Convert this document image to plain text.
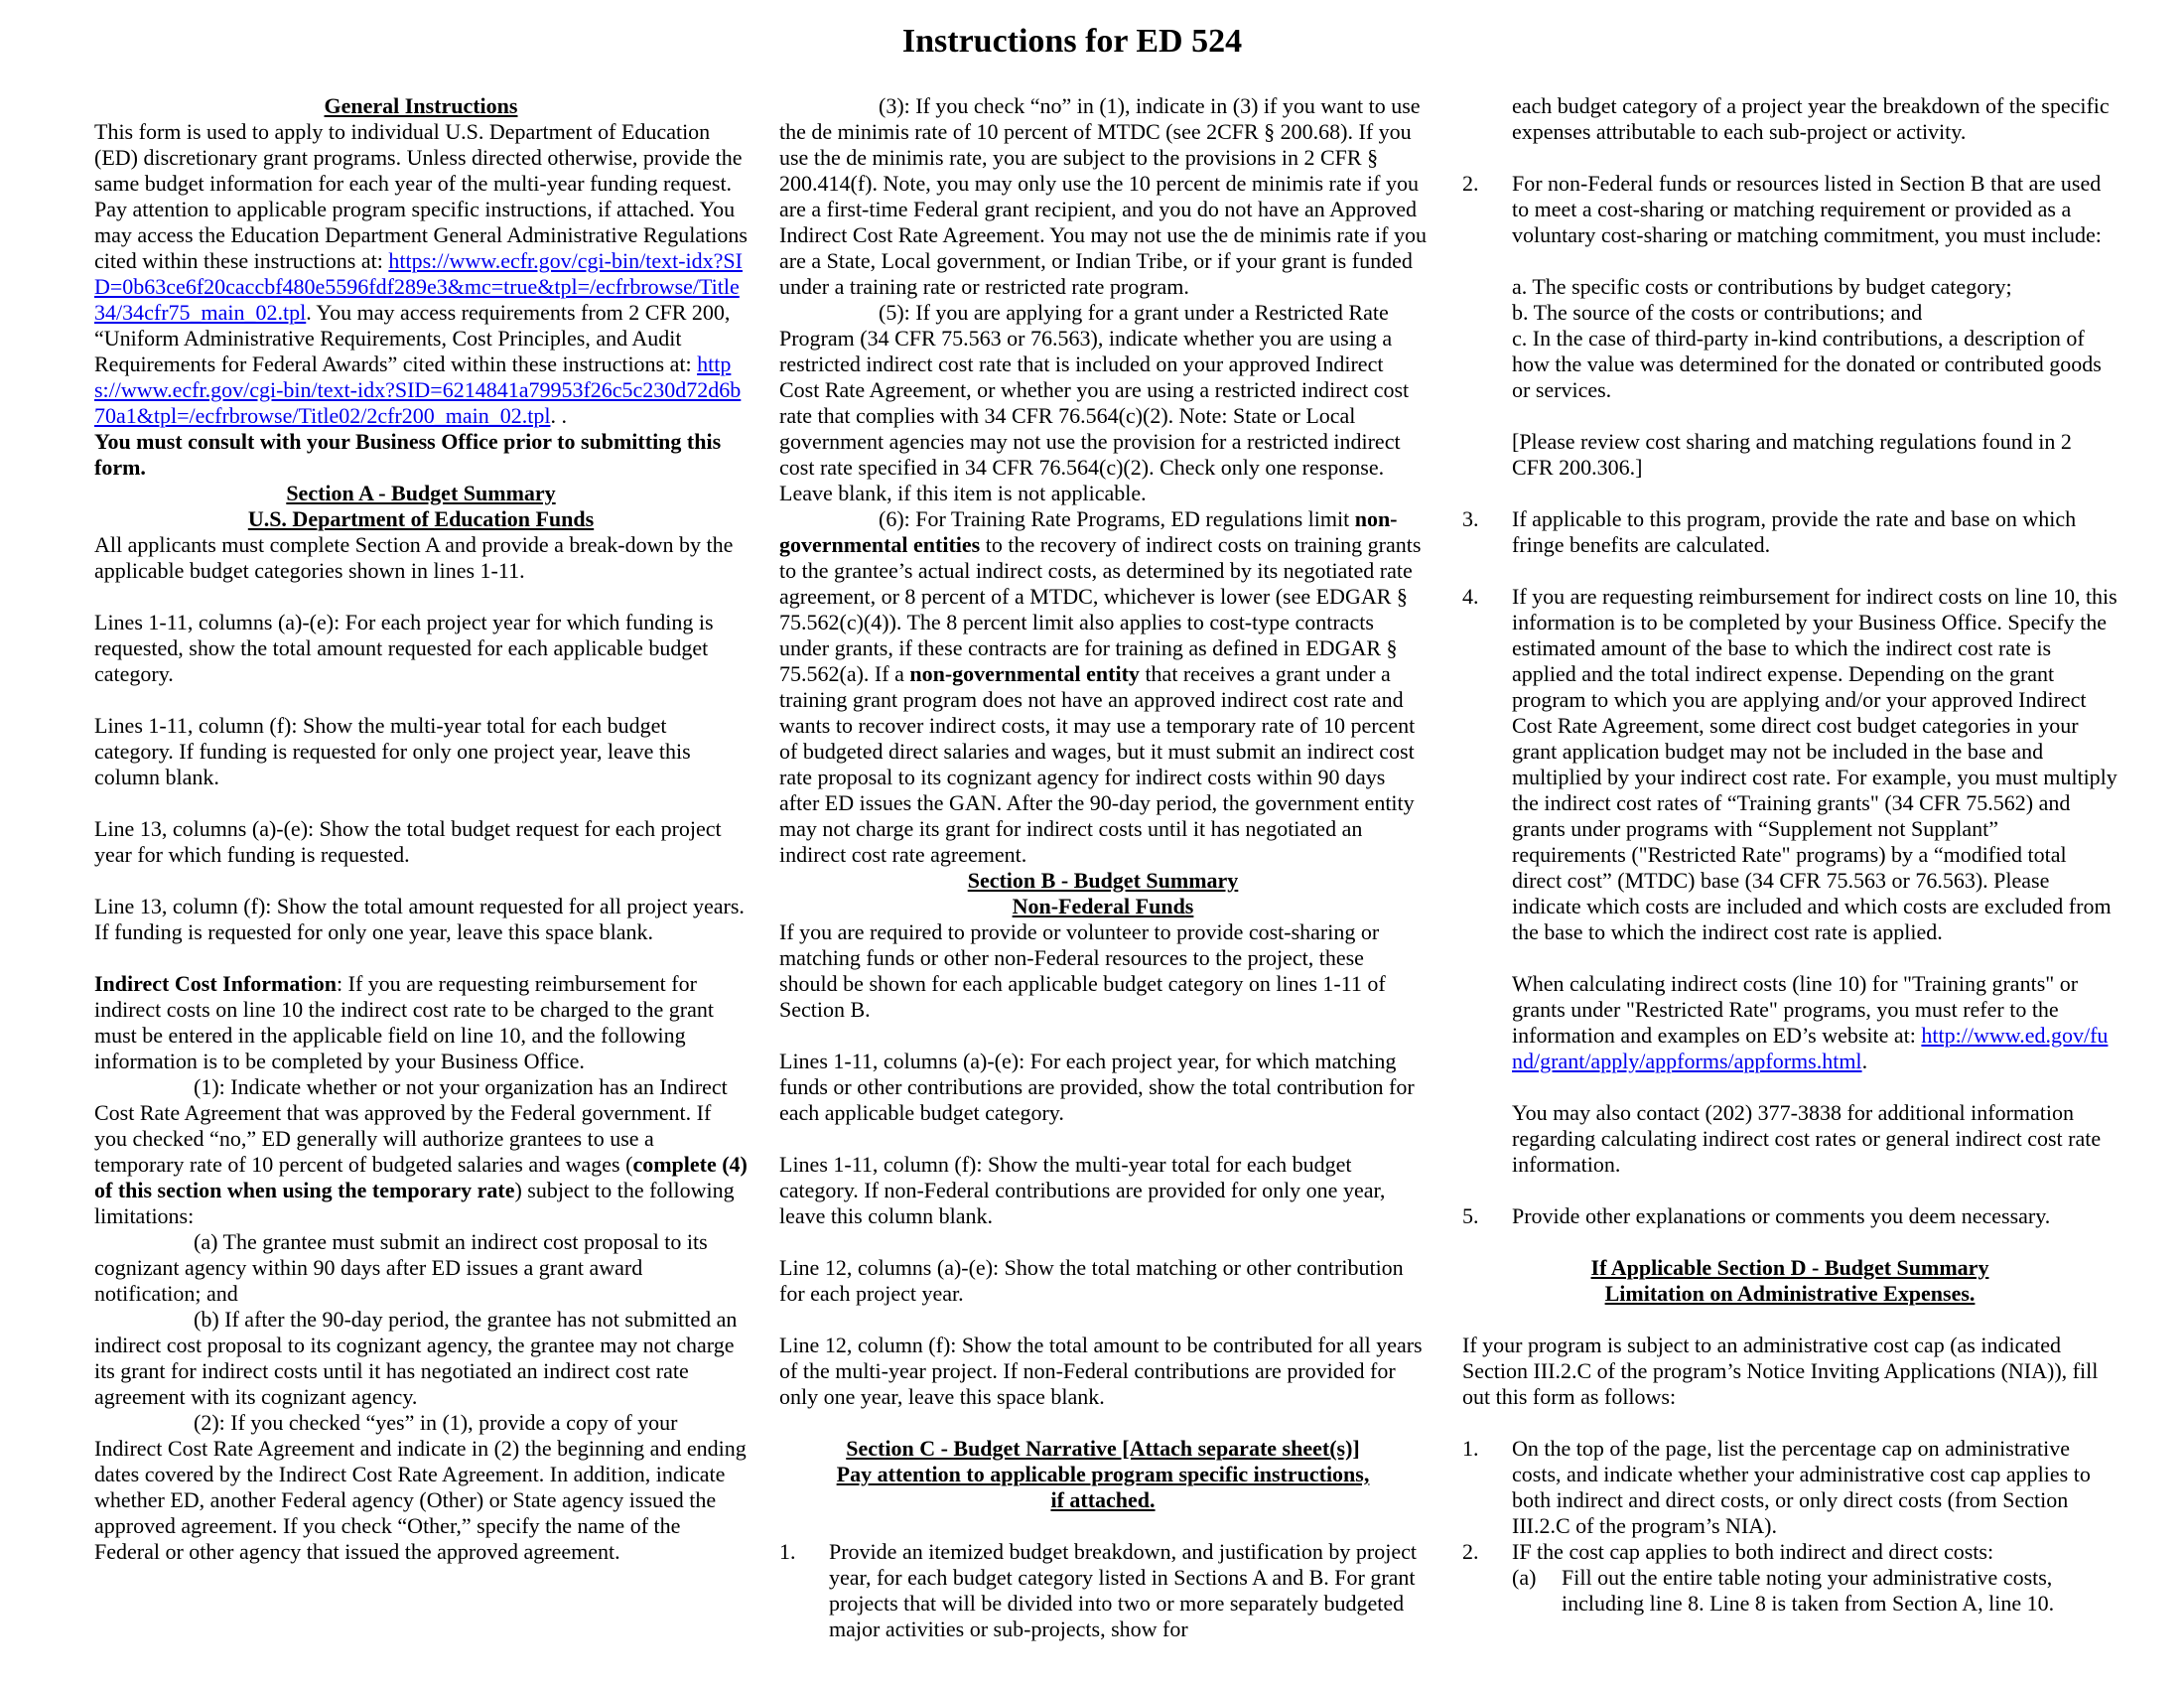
Instructions for ED 524
General Instructions
This form is used to apply to individual U.S. Department of Education (ED) discretionary grant programs. Unless directed otherwise, provide the same budget information for each year of the multi-year funding request. Pay attention to applicable program specific instructions, if attached. You may access the Education Department General Administrative Regulations cited within these instructions at: https://www.ecfr.gov/cgi-bin/text-idx?SID=0b63ce6f20caccbf480e5596fdf289e3&mc=true&tpl=/ecfrbrowse/Title34/34cfr75_main_02.tpl. You may access requirements from 2 CFR 200, “Uniform Administrative Requirements, Cost Principles, and Audit Requirements for Federal Awards” cited within these instructions at: https://www.ecfr.gov/cgi-bin/text-idx?SID=6214841a79953f26c5c230d72d6b70a1&tpl=/ecfrbrowse/Title02/2cfr200_main_02.tpl. .
You must consult with your Business Office prior to submitting this form.
Section A - Budget Summary
U.S. Department of Education Funds
All applicants must complete Section A and provide a break-down by the applicable budget categories shown in lines 1-11.
Lines 1-11, columns (a)-(e): For each project year for which funding is requested, show the total amount requested for each applicable budget category.
Lines 1-11, column (f): Show the multi-year total for each budget category. If funding is requested for only one project year, leave this column blank.
Line 13, columns (a)-(e): Show the total budget request for each project year for which funding is requested.
Line 13, column (f): Show the total amount requested for all project years. If funding is requested for only one year, leave this space blank.
Indirect Cost Information: If you are requesting reimbursement for indirect costs on line 10 the indirect cost rate to be charged to the grant must be entered in the applicable field on line 10, and the following information is to be completed by your Business Office.
(1): Indicate whether or not your organization has an Indirect Cost Rate Agreement that was approved by the Federal government. If you checked “no,” ED generally will authorize grantees to use a temporary rate of 10 percent of budgeted salaries and wages (complete (4) of this section when using the temporary rate) subject to the following limitations:
(a) The grantee must submit an indirect cost proposal to its cognizant agency within 90 days after ED issues a grant award notification; and
(b) If after the 90-day period, the grantee has not submitted an indirect cost proposal to its cognizant agency, the grantee may not charge its grant for indirect costs until it has negotiated an indirect cost rate agreement with its cognizant agency.
(2): If you checked “yes” in (1), provide a copy of your Indirect Cost Rate Agreement and indicate in (2) the beginning and ending dates covered by the Indirect Cost Rate Agreement. In addition, indicate whether ED, another Federal agency (Other) or State agency issued the approved agreement. If you check “Other,” specify the name of the Federal or other agency that issued the approved agreement.
(3): If you check “no” in (1), indicate in (3) if you want to use the de minimis rate of 10 percent of MTDC (see 2CFR § 200.68). If you use the de minimis rate, you are subject to the provisions in 2 CFR § 200.414(f). Note, you may only use the 10 percent de minimis rate if you are a first-time Federal grant recipient, and you do not have an Approved Indirect Cost Rate Agreement. You may not use the de minimis rate if you are a State, Local government, or Indian Tribe, or if your grant is funded under a training rate or restricted rate program.
(5): If you are applying for a grant under a Restricted Rate Program (34 CFR 75.563 or 76.563), indicate whether you are using a restricted indirect cost rate that is included on your approved Indirect Cost Rate Agreement, or whether you are using a restricted indirect cost rate that complies with 34 CFR 76.564(c)(2). Note: State or Local government agencies may not use the provision for a restricted indirect cost rate specified in 34 CFR 76.564(c)(2). Check only one response. Leave blank, if this item is not applicable.
(6): For Training Rate Programs, ED regulations limit non-governmental entities to the recovery of indirect costs on training grants to the grantee’s actual indirect costs, as determined by its negotiated rate agreement, or 8 percent of a MTDC, whichever is lower (see EDGAR § 75.562(c)(4)). The 8 percent limit also applies to cost-type contracts under grants, if these contracts are for training as defined in EDGAR § 75.562(a). If a non-governmental entity that receives a grant under a training grant program does not have an approved indirect cost rate and wants to recover indirect costs, it may use a temporary rate of 10 percent of budgeted direct salaries and wages, but it must submit an indirect cost rate proposal to its cognizant agency for indirect costs within 90 days after ED issues the GAN. After the 90-day period, the government entity may not charge its grant for indirect costs until it has negotiated an indirect cost rate agreement.
Section B - Budget Summary
Non-Federal Funds
If you are required to provide or volunteer to provide cost-sharing or matching funds or other non-Federal resources to the project, these should be shown for each applicable budget category on lines 1-11 of Section B.
Lines 1-11, columns (a)-(e): For each project year, for which matching funds or other contributions are provided, show the total contribution for each applicable budget category.
Lines 1-11, column (f): Show the multi-year total for each budget category. If non-Federal contributions are provided for only one year, leave this column blank.
Line 12, columns (a)-(e): Show the total matching or other contribution for each project year.
Line 12, column (f): Show the total amount to be contributed for all years of the multi-year project. If non-Federal contributions are provided for only one year, leave this space blank.
Section C - Budget Narrative [Attach separate sheet(s)]
Pay attention to applicable program specific instructions,
if attached.
1. Provide an itemized budget breakdown, and justification by project year, for each budget category listed in Sections A and B. For grant projects that will be divided into two or more separately budgeted major activities or sub-projects, show for
each budget category of a project year the breakdown of the specific expenses attributable to each sub-project or activity.
2. For non-Federal funds or resources listed in Section B that are used to meet a cost-sharing or matching requirement or provided as a voluntary cost-sharing or matching commitment, you must include:
a. The specific costs or contributions by budget category;
b. The source of the costs or contributions; and
c. In the case of third-party in-kind contributions, a description of how the value was determined for the donated or contributed goods or services.
[Please review cost sharing and matching regulations found in 2 CFR 200.306.]
3. If applicable to this program, provide the rate and base on which fringe benefits are calculated.
4. If you are requesting reimbursement for indirect costs on line 10, this information is to be completed by your Business Office. Specify the estimated amount of the base to which the indirect cost rate is applied and the total indirect expense. Depending on the grant program to which you are applying and/or your approved Indirect Cost Rate Agreement, some direct cost budget categories in your grant application budget may not be included in the base and multiplied by your indirect cost rate. For example, you must multiply the indirect cost rates of “Training grants" (34 CFR 75.562) and grants under programs with “Supplement not Supplant” requirements ("Restricted Rate" programs) by a “modified total direct cost” (MTDC) base (34 CFR 75.563 or 76.563). Please indicate which costs are included and which costs are excluded from the base to which the indirect cost rate is applied.
When calculating indirect costs (line 10) for "Training grants" or grants under "Restricted Rate" programs, you must refer to the information and examples on ED’s website at: http://www.ed.gov/fund/grant/apply/appforms/appforms.html.
You may also contact (202) 377-3838 for additional information regarding calculating indirect cost rates or general indirect cost rate information.
5. Provide other explanations or comments you deem necessary.
If Applicable Section D - Budget Summary
Limitation on Administrative Expenses.
If your program is subject to an administrative cost cap (as indicated Section III.2.C of the program’s Notice Inviting Applications (NIA)), fill out this form as follows:
1. On the top of the page, list the percentage cap on administrative costs, and indicate whether your administrative cost cap applies to both indirect and direct costs, or only direct costs (from Section III.2.C of the program’s NIA).
2. IF the cost cap applies to both indirect and direct costs:
(a) Fill out the entire table noting your administrative costs, including line 8. Line 8 is taken from Section A, line 10.
